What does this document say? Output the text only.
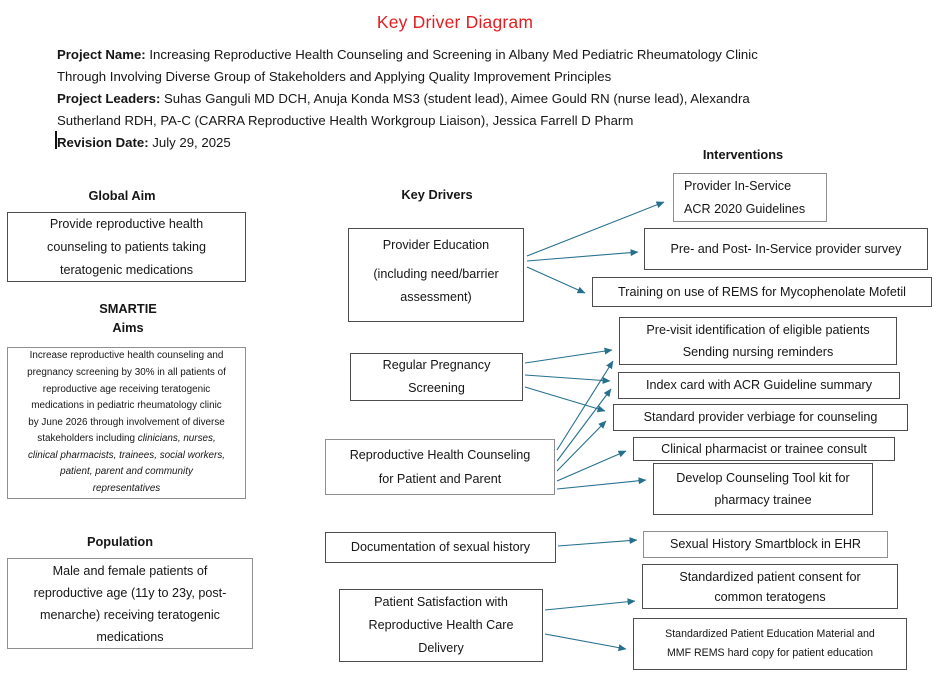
Key Driver Diagram
Project Name: Increasing Reproductive Health Counseling and Screening in Albany Med Pediatric Rheumatology Clinic
Through Involving Diverse Group of Stakeholders and Applying Quality Improvement Principles
Project Leaders: Suhas Ganguli MD DCH, Anuja Konda MS3 (student lead), Aimee Gould RN (nurse lead), Alexandra
Sutherland RDH, PA-C (CARRA Reproductive Health Workgroup Liaison), Jessica Farrell D Pharm
Revision Date: July 29, 2025
Global Aim
SMARTIE
Aims
Population
Key Drivers
Interventions
Provide reproductive health
counseling to patients taking
teratogenic medications
Increase reproductive health counseling and
pregnancy screening by 30% in all patients of
reproductive age receiving teratogenic
medications in pediatric rheumatology clinic
by June 2026 through involvement of diverse
stakeholders including clinicians, nurses,
clinical pharmacists, trainees, social workers,
patient, parent and community
representatives
Male and female patients of
reproductive age (11y to 23y, post-
menarche) receiving teratogenic
medications
Provider Education
(including need/barrier
assessment)
Regular Pregnancy
Screening
Reproductive Health Counseling
for Patient and Parent
Documentation of sexual history
Patient Satisfaction with
Reproductive Health Care
Delivery
Provider In-Service
ACR 2020 Guidelines
Pre- and Post- In-Service provider survey
Training on use of REMS for Mycophenolate Mofetil
Pre-visit identification of eligible patients
Sending nursing reminders
Index card with ACR Guideline summary
Standard provider verbiage for counseling
Clinical pharmacist or trainee consult
Develop Counseling Tool kit for
pharmacy trainee
Sexual History Smartblock in EHR
Standardized patient consent for
common teratogens
Standardized Patient Education Material and
MMF REMS hard copy for patient education
